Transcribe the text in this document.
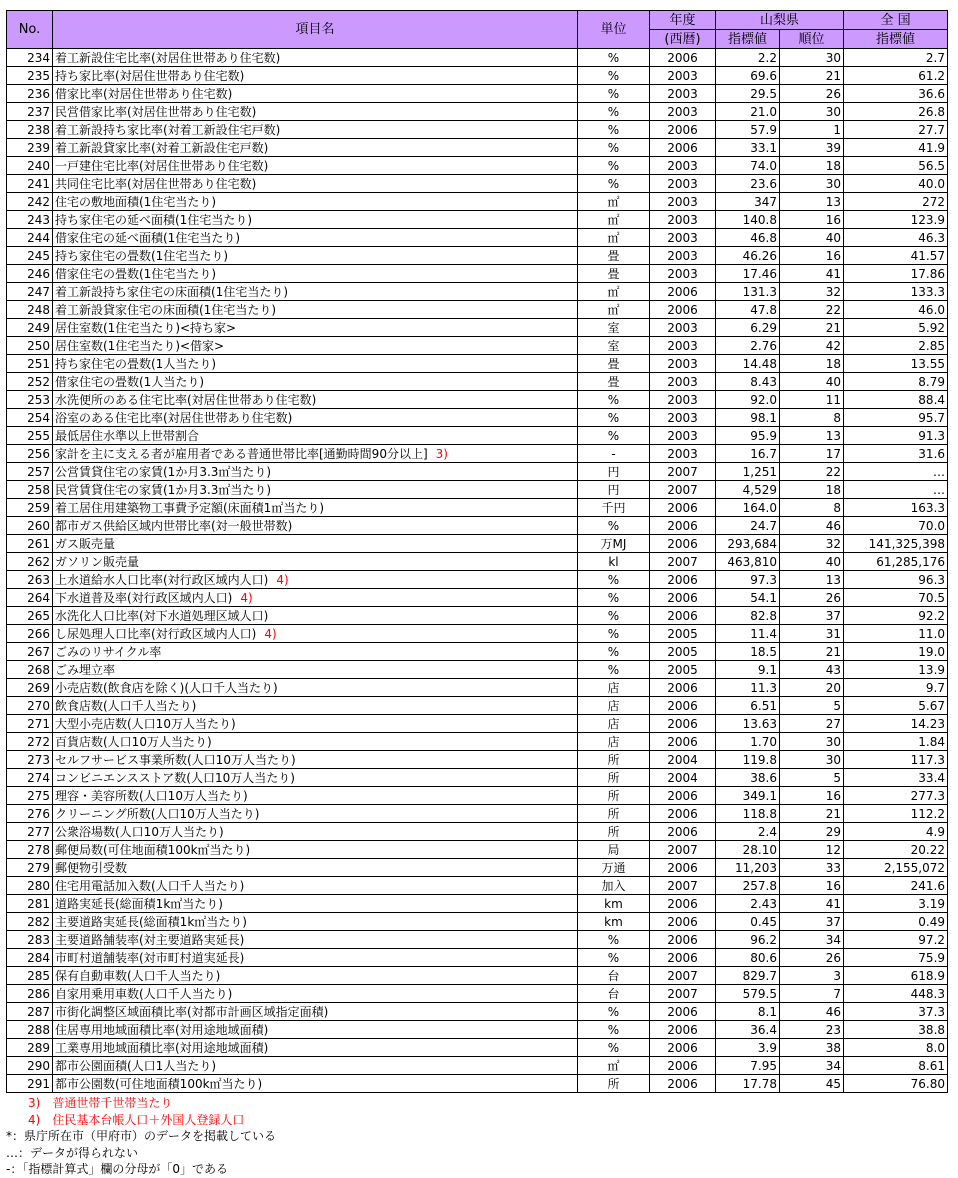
No.	項目名	単位	年度	山梨県		全 国
			(西暦)	指標値	順位	指標値
234	着工新設住宅比率(対居住世帯あり住宅数)	%	2006	2.2	30	2.7
235	持ち家比率(対居住世帯あり住宅数)	%	2003	69.6	21	61.2
236	借家比率(対居住世帯あり住宅数)	%	2003	29.5	26	36.6
237	民営借家比率(対居住世帯あり住宅数)	%	2003	21.0	30	26.8
238	着工新設持ち家比率(対着工新設住宅戸数)	%	2006	57.9	1	27.7
239	着工新設貸家比率(対着工新設住宅戸数)	%	2006	33.1	39	41.9
240	一戸建住宅比率(対居住世帯あり住宅数)	%	2003	74.0	18	56.5
241	共同住宅比率(対居住世帯あり住宅数)	%	2003	23.6	30	40.0
242	住宅の敷地面積(1住宅当たり)	㎡	2003	347	13	272
243	持ち家住宅の延べ面積(1住宅当たり)	㎡	2003	140.8	16	123.9
244	借家住宅の延べ面積(1住宅当たり)	㎡	2003	46.8	40	46.3
245	持ち家住宅の畳数(1住宅当たり)	畳	2003	46.26	16	41.57
246	借家住宅の畳数(1住宅当たり)	畳	2003	17.46	41	17.86
247	着工新設持ち家住宅の床面積(1住宅当たり)	㎡	2006	131.3	32	133.3
248	着工新設貸家住宅の床面積(1住宅当たり)	㎡	2006	47.8	22	46.0
249	居住室数(1住宅当たり)<持ち家>	室	2003	6.29	21	5.92
250	居住室数(1住宅当たり)<借家>	室	2003	2.76	42	2.85
251	持ち家住宅の畳数(1人当たり)	畳	2003	14.48	18	13.55
252	借家住宅の畳数(1人当たり)	畳	2003	8.43	40	8.79
253	水洗便所のある住宅比率(対居住世帯あり住宅数)	%	2003	92.0	11	88.4
254	浴室のある住宅比率(対居住世帯あり住宅数)	%	2003	98.1	8	95.7
255	最低居住水準以上世帯割合	%	2003	95.9	13	91.3
256	家計を主に支える者が雇用者である普通世帯比率[通勤時間90分以上] 3)	-	2003	16.7	17	31.6
257	公営賃貸住宅の家賃(1か月3.3㎡当たり)	円	2007	1,251	22	…
258	民営賃貸住宅の家賃(1か月3.3㎡当たり)	円	2007	4,529	18	…
259	着工居住用建築物工事費予定額(床面積1㎡当たり)	千円	2006	164.0	8	163.3
260	都市ガス供給区域内世帯比率(対一般世帯数)	%	2006	24.7	46	70.0
261	ガス販売量	万MJ	2006	293,684	32	141,325,398
262	ガソリン販売量	kl	2007	463,810	40	61,285,176
263	上水道給水人口比率(対行政区域内人口) 4)	%	2006	97.3	13	96.3
264	下水道普及率(対行政区域内人口) 4)	%	2006	54.1	26	70.5
265	水洗化人口比率(対下水道処理区域人口)	%	2006	82.8	37	92.2
266	し尿処理人口比率(対行政区域内人口) 4)	%	2005	11.4	31	11.0
267	ごみのリサイクル率	%	2005	18.5	21	19.0
268	ごみ埋立率	%	2005	9.1	43	13.9
269	小売店数(飲食店を除く)(人口千人当たり)	店	2006	11.3	20	9.7
270	飲食店数(人口千人当たり)	店	2006	6.51	5	5.67
271	大型小売店数(人口10万人当たり)	店	2006	13.63	27	14.23
272	百貨店数(人口10万人当たり)	店	2006	1.70	30	1.84
273	セルフサービス事業所数(人口10万人当たり)	所	2004	119.8	30	117.3
274	コンビニエンスストア数(人口10万人当たり)	所	2004	38.6	5	33.4
275	理容・美容所数(人口10万人当たり)	所	2006	349.1	16	277.3
276	クリーニング所数(人口10万人当たり)	所	2006	118.8	21	112.2
277	公衆浴場数(人口10万人当たり)	所	2006	2.4	29	4.9
278	郵便局数(可住地面積100k㎡当たり)	局	2007	28.10	12	20.22
279	郵便物引受数	万通	2006	11,203	33	2,155,072
280	住宅用電話加入数(人口千人当たり)	加入	2007	257.8	16	241.6
281	道路実延長(総面積1k㎡当たり)	km	2006	2.43	41	3.19
282	主要道路実延長(総面積1k㎡当たり)	km	2006	0.45	37	0.49
283	主要道路舗装率(対主要道路実延長)	%	2006	96.2	34	97.2
284	市町村道舗装率(対市町村道実延長)	%	2006	80.6	26	75.9
285	保有自動車数(人口千人当たり)	台	2007	829.7	3	618.9
286	自家用乗用車数(人口千人当たり)	台	2007	579.5	7	448.3
287	市街化調整区域面積比率(対都市計画区域指定面積)	%	2006	8.1	46	37.3
288	住居専用地域面積比率(対用途地域面積)	%	2006	36.4	23	38.8
289	工業専用地域面積比率(対用途地域面積)	%	2006	3.9	38	8.0
290	都市公園面積(人口1人当たり)	㎡	2006	7.95	34	8.61
291	都市公園数(可住地面積100k㎡当たり)	所	2006	17.78	45	76.80
3)　普通世帯千世帯当たり
4)　住民基本台帳人口＋外国人登録人口
*：県庁所在市（甲府市）のデータを掲載している
…：データが得られない
-：「指標計算式」欄の分母が「0」である
